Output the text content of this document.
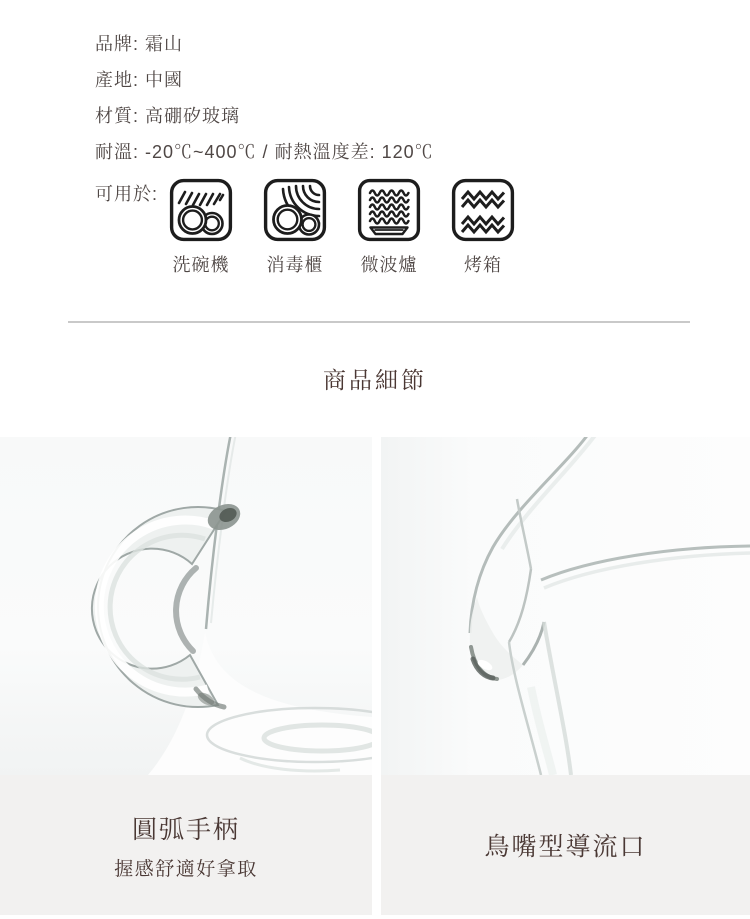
品牌: 霜山
產地: 中國
材質: 高硼矽玻璃
耐溫: -20℃~400℃ / 耐熱溫度差: 120℃
可用於:
洗碗機 消毒櫃 微波爐	烤箱
商品細節
圓弧手柄
握感舒適好拿取
鳥嘴型導流口
